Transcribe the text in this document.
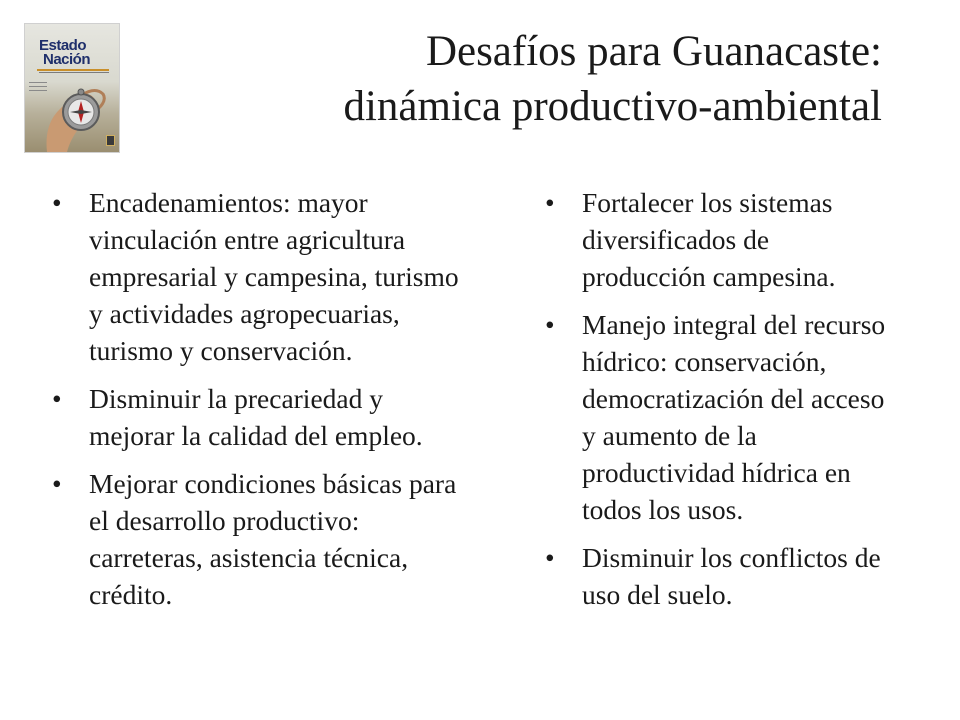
Estado
Nación	Desafíos para Guanacaste:
dinámica productivo-ambiental
• Encadenamientos: mayor vinculación entre agricultura empresarial y campesina, turismo y actividades agropecuarias, turismo y conservación.
• Disminuir la precariedad y mejorar la calidad del empleo.
• Mejorar condiciones básicas para el desarrollo productivo: carreteras, asistencia técnica, crédito.
• Fortalecer los sistemas diversificados de producción campesina.
• Manejo integral del recurso hídrico: conservación, democratización del acceso y aumento de la productividad hídrica en todos los usos.
• Disminuir los conflictos de uso del suelo.
